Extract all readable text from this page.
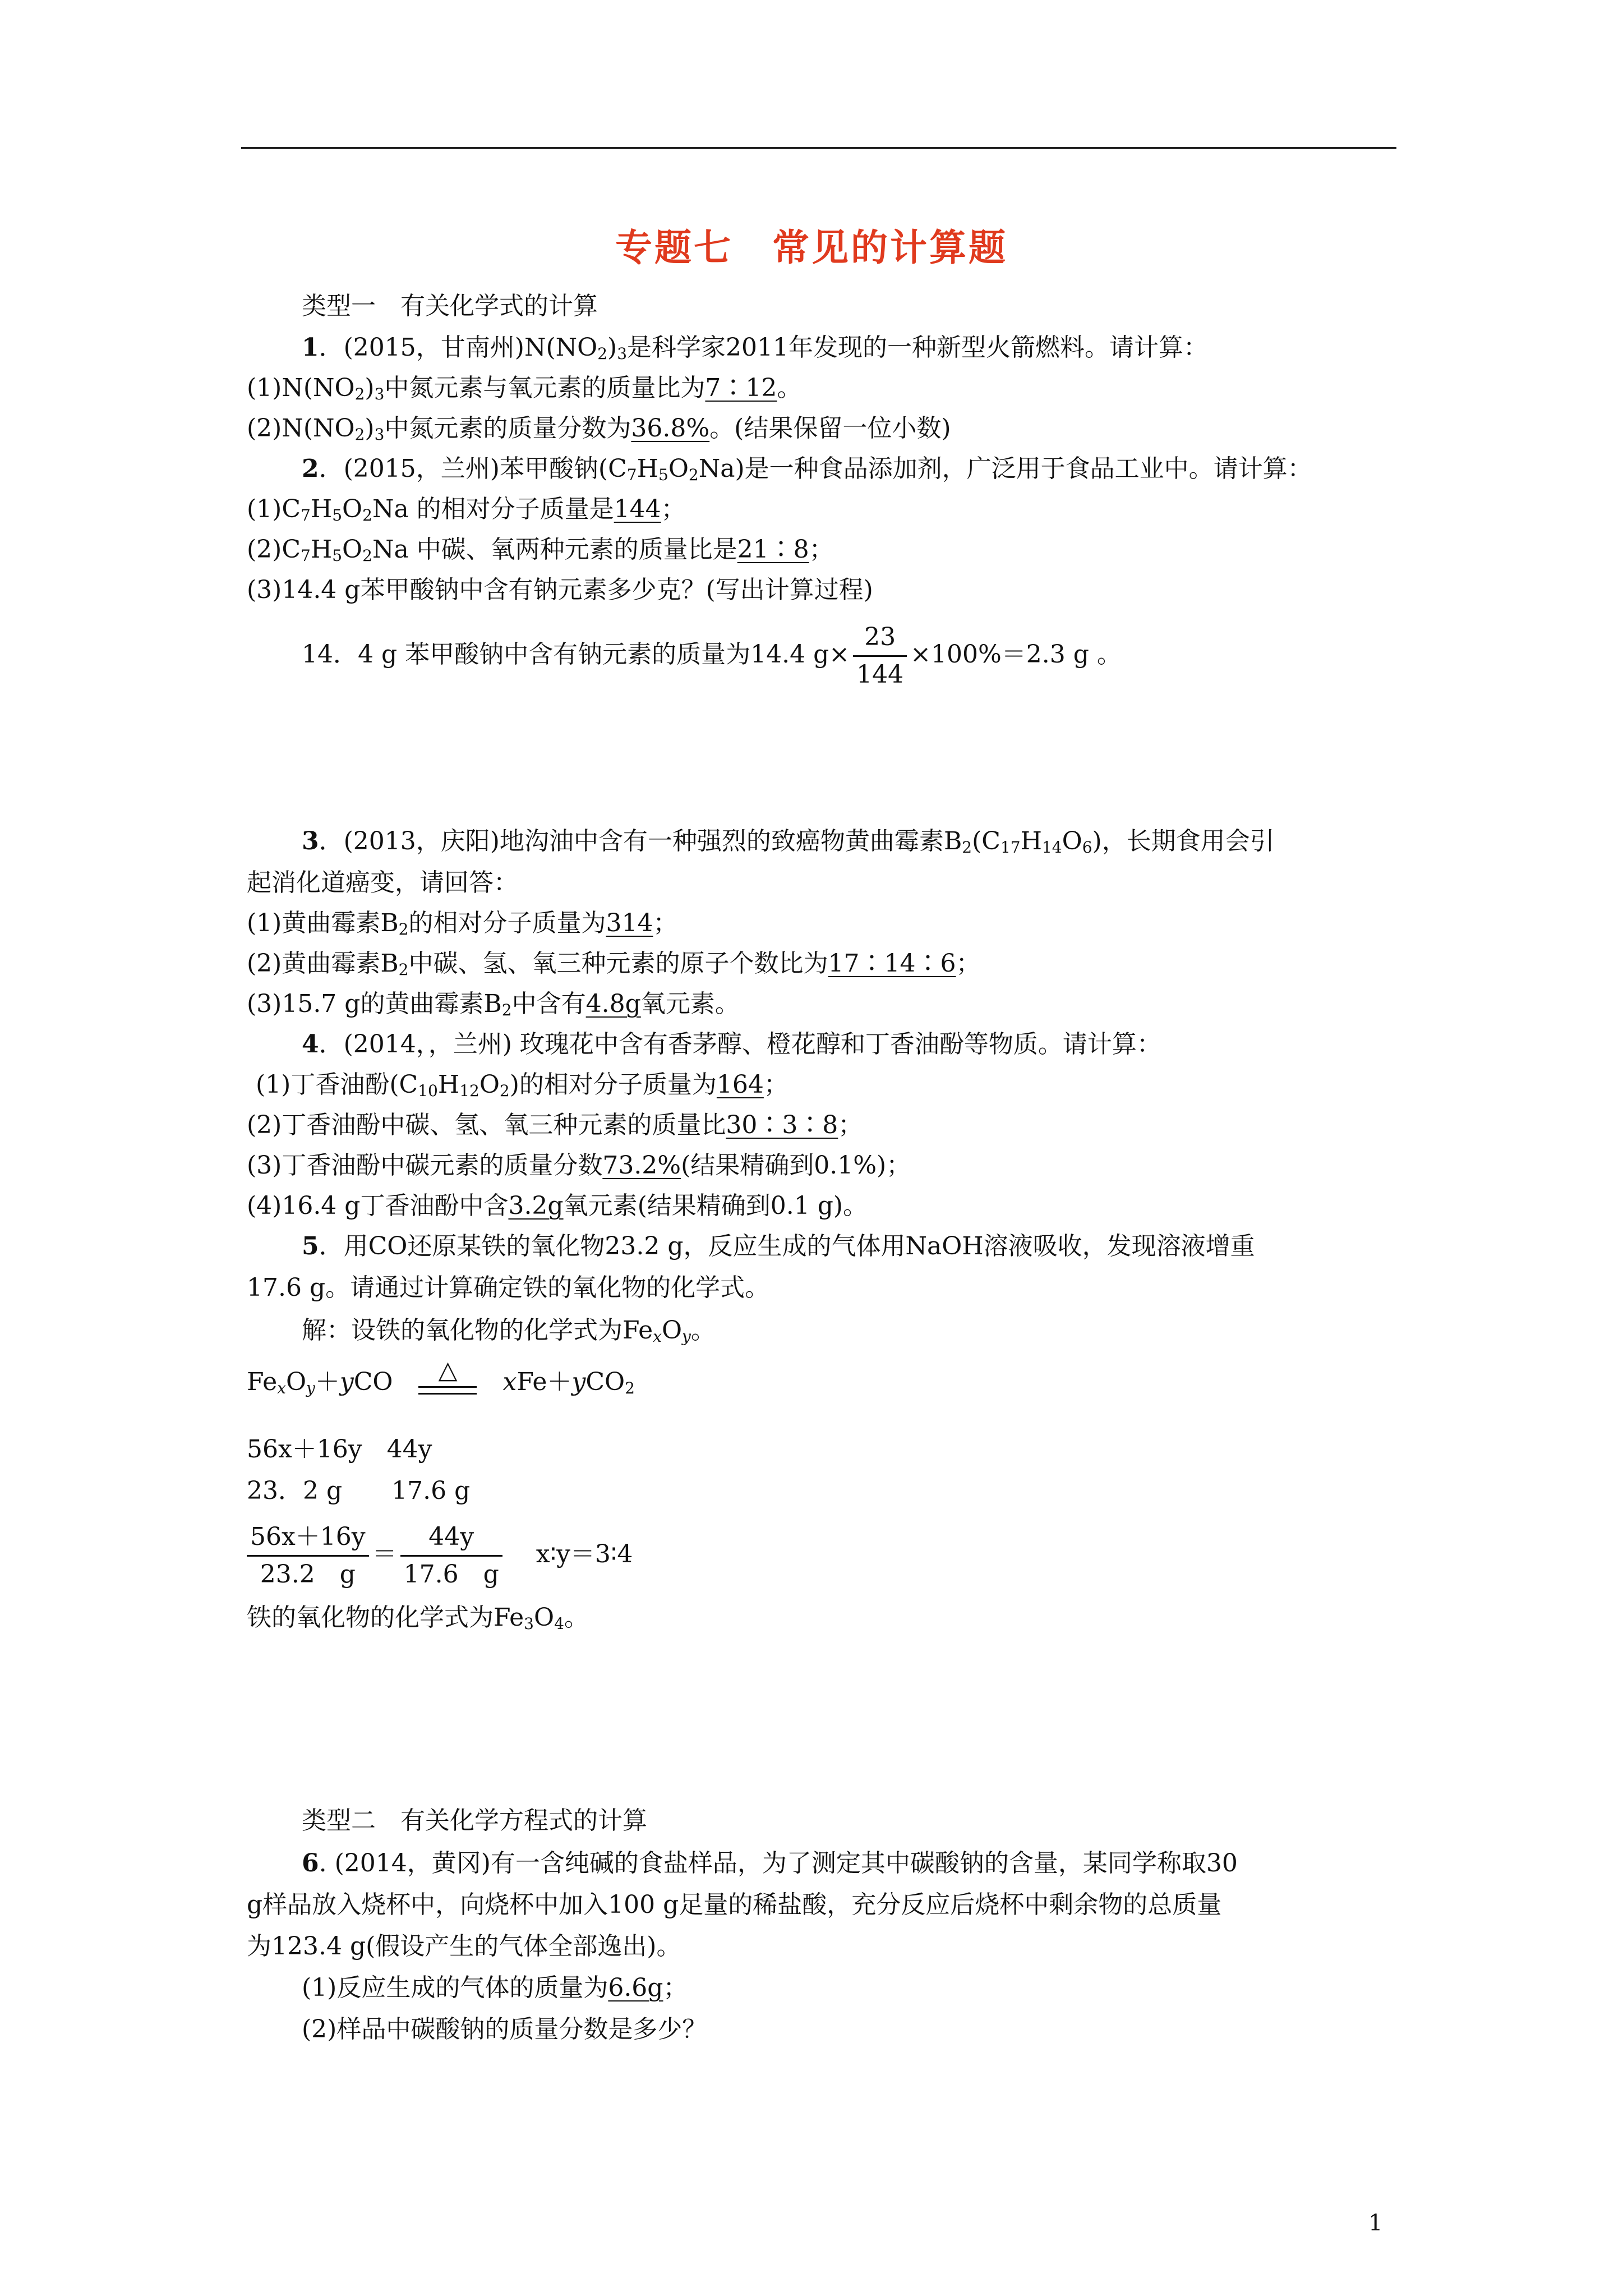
专题七　常见的计算题
类型一　有关化学式的计算
1．(2015，甘南州)$N(NO_2)_3$是科学家2011年发现的一种新型火箭燃料。请计算：
$(1)N(NO_2)_3$中氮元素与氧元素的质量比为7∶12。
$(2)N(NO_2)_3$中氮元素的质量分数为36.8%。(结果保留一位小数)
2．(2015，兰州)苯甲酸钠$(C_7H_5O_2Na)$是一种食品添加剂，广泛用于食品工业中。请计算：
$(1)C_7H_5O_2Na$ 的相对分子质量是144；
$(2)C_7H_5O_2Na$ 中碳、氧两种元素的质量比是21∶8；
(3)14.4 g苯甲酸钠中含有钠元素多少克？(写出计算过程)
14．4 g 苯甲酸钠中含有钠元素的质量为14.4 $g\times \frac{23}{144} \times 100\%=2.3$ g 。
3．(2013，庆阳)地沟油中含有一种强烈的致癌物黄曲霉素$B_2(C_{17}H_{14}O_6)$，长期食用会引
起消化道癌变，请回答：
(1)黄曲霉素$B_2$的相对分子质量为314；
(2)黄曲霉素$B_2$中碳、氢、氧三种元素的原子个数比为17∶14∶6；
(3)15.7 g的黄曲霉素$B_2$中含有4.8g氧元素。
4．(2014，，兰州) 玫瑰花中含有香茅醇、橙花醇和丁香油酚等物质。请计算：
(1)丁香油酚$(C_{10}H_{12}O_2)$的相对分子质量为164；
(2)丁香油酚中碳、氢、氧三种元素的质量比30∶3∶8；
(3)丁香油酚中碳元素的质量分数73.2%(结果精确到0.1%)；
(4)16.4 g丁香油酚中含3.2g氧元素(结果精确到0.1 g)。
5．用CO还原某铁的氧化物23.2 g，反应生成的气体用NaOH溶液吸收，发现溶液增重
17.6 g。请通过计算确定铁的氧化物的化学式。
解：设铁的氧化物的化学式为$Fe_xO_y$。
$Fe_xO_y+yCO$	△	xFe＋yCO$_2$
56x＋16y　44y
23．2 g　　17.6 g
$\frac{56x+16y}{23.2 g} = \frac{44y}{17.6 g}$ x∶y＝3∶4
铁的氧化物的化学式为$Fe_3O_4$。
类型二　有关化学方程式的计算
6. (2014，黄冈)有一含纯碱的食盐样品，为了测定其中碳酸钠的含量，某同学称取30
g样品放入烧杯中，向烧杯中加入100 g足量的稀盐酸，充分反应后烧杯中剩余物的总质量
为123.4 g(假设产生的气体全部逸出)。
(1)反应生成的气体的质量为6.6g；
(2)样品中碳酸钠的质量分数是多少？
1
